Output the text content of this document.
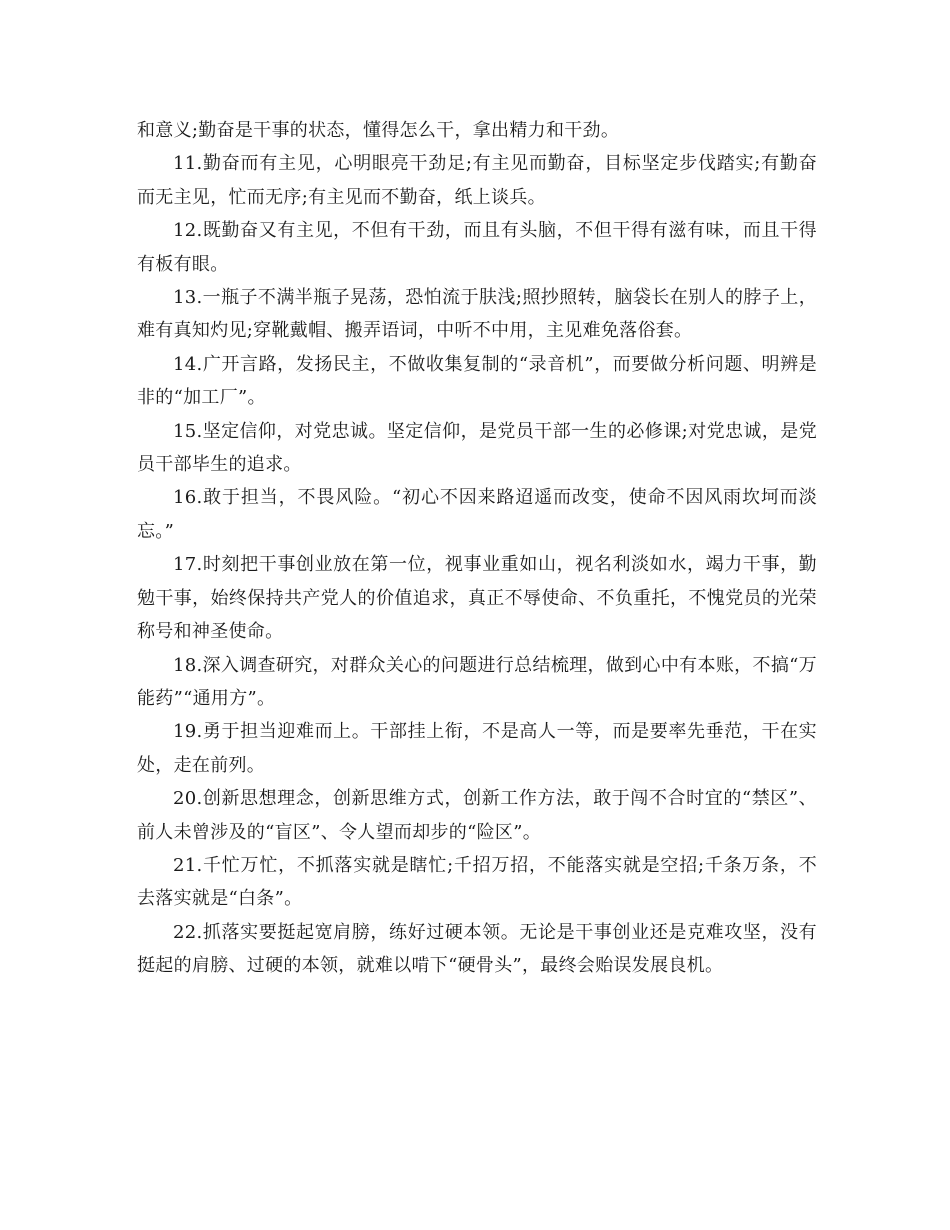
和意义;勤奋是干事的状态，懂得怎么干，拿出精力和干劲。

11.勤奋而有主见，心明眼亮干劲足;有主见而勤奋，目标坚定步伐踏实;有勤奋而无主见，忙而无序;有主见而不勤奋，纸上谈兵。

12.既勤奋又有主见，不但有干劲，而且有头脑，不但干得有滋有味，而且干得有板有眼。

13.一瓶子不满半瓶子晃荡，恐怕流于肤浅;照抄照转，脑袋长在别人的脖子上，难有真知灼见;穿靴戴帽、搬弄语词，中听不中用，主见难免落俗套。

14.广开言路，发扬民主，不做收集复制的“录音机”，而要做分析问题、明辨是非的“加工厂”。

15.坚定信仰，对党忠诚。坚定信仰，是党员干部一生的必修课;对党忠诚，是党员干部毕生的追求。

16.敢于担当，不畏风险。“初心不因来路迢遥而改变，使命不因风雨坎坷而淡忘。”

17.时刻把干事创业放在第一位，视事业重如山，视名利淡如水，竭力干事，勤勉干事，始终保持共产党人的价值追求，真正不辱使命、不负重托，不愧党员的光荣称号和神圣使命。

18.深入调查研究，对群众关心的问题进行总结梳理，做到心中有本账，不搞“万能药”“通用方”。

19.勇于担当迎难而上。干部挂上衔，不是高人一等，而是要率先垂范，干在实处，走在前列。

20.创新思想理念，创新思维方式，创新工作方法，敢于闯不合时宜的“禁区”、前人未曾涉及的“盲区”、令人望而却步的“险区”。

21.千忙万忙，不抓落实就是瞎忙;千招万招，不能落实就是空招;千条万条，不去落实就是“白条”。

22.抓落实要挺起宽肩膀，练好过硬本领。无论是干事创业还是克难攻坚，没有挺起的肩膀、过硬的本领，就难以啃下“硬骨头”，最终会贻误发展良机。
